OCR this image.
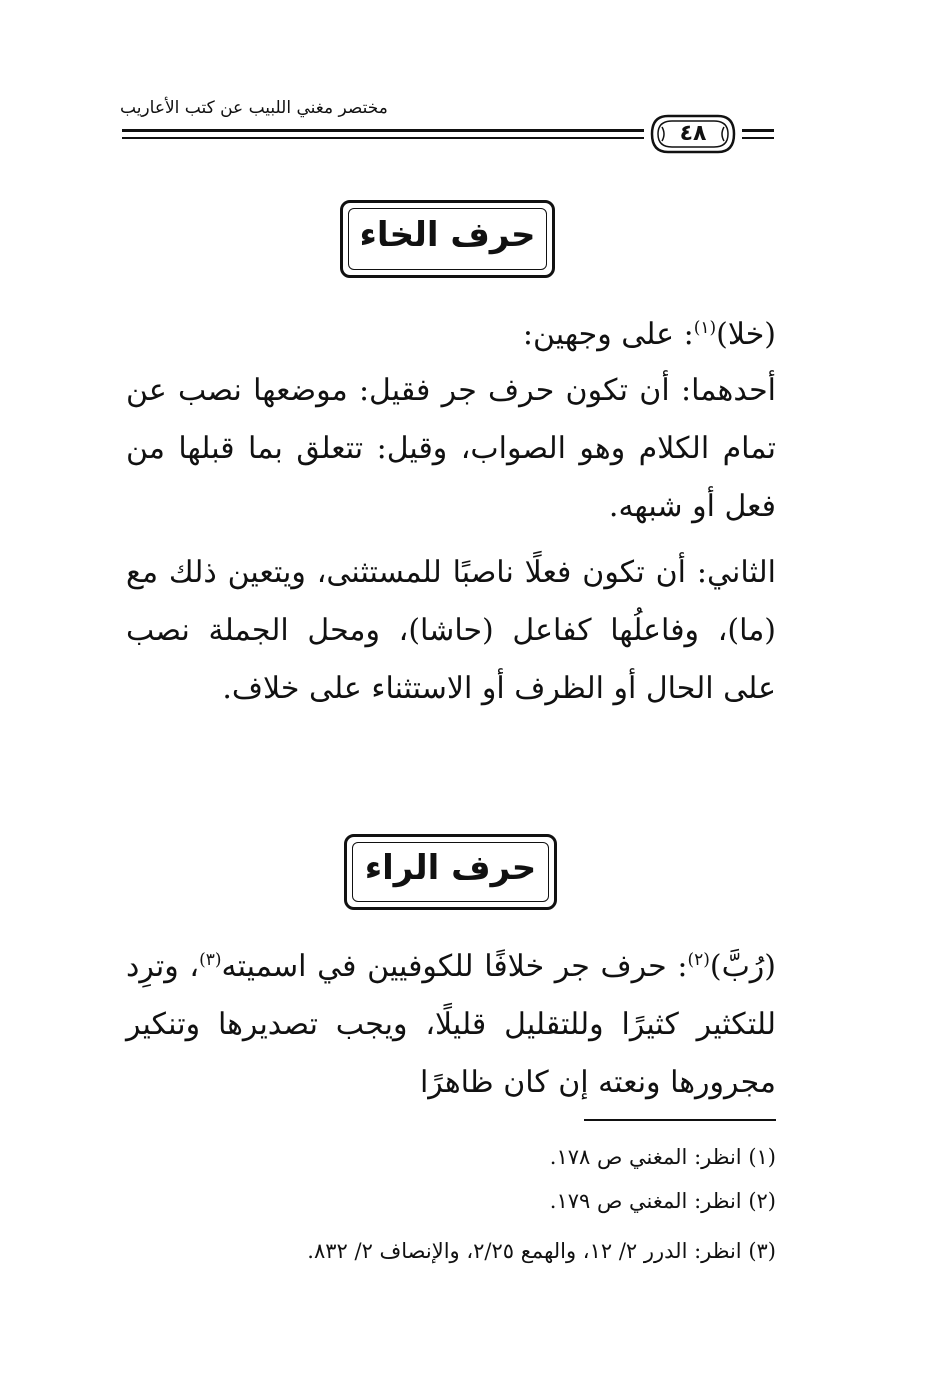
مختصر مغني اللبيب عن كتب الأعاريب
٤٨
حرف الخاء
(خلا)$^{(١)}$: على وجهين:
أحدهما: أن تكون حرف جر فقيل: موضعها نصب عن تمام الكلام وهو الصواب، وقيل: تتعلق بما قبلها من فعل أو شبهه.
الثاني: أن تكون فعلًا ناصبًا للمستثنى، ويتعين ذلك مع (ما)، وفاعلُها كفاعل (حاشا)، ومحل الجملة نصب على الحال أو الظرف أو الاستثناء على خلاف.
حرف الراء
(رُبَّ)$^{(٢)}$: حرف جر خلافًا للكوفيين في اسميته$^{(٣)}$، وترِد للتكثير كثيرًا وللتقليل قليلًا، ويجب تصديرها وتنكير مجرورها ونعته إن كان ظاهرًا
(١) انظر: المغني ص ١٧٨.
(٢) انظر: المغني ص ١٧٩.
(٣) انظر: الدرر ٢/ ١٢، والهمع ٢/٢٥، والإنصاف ٢/ ٨٣٢.
